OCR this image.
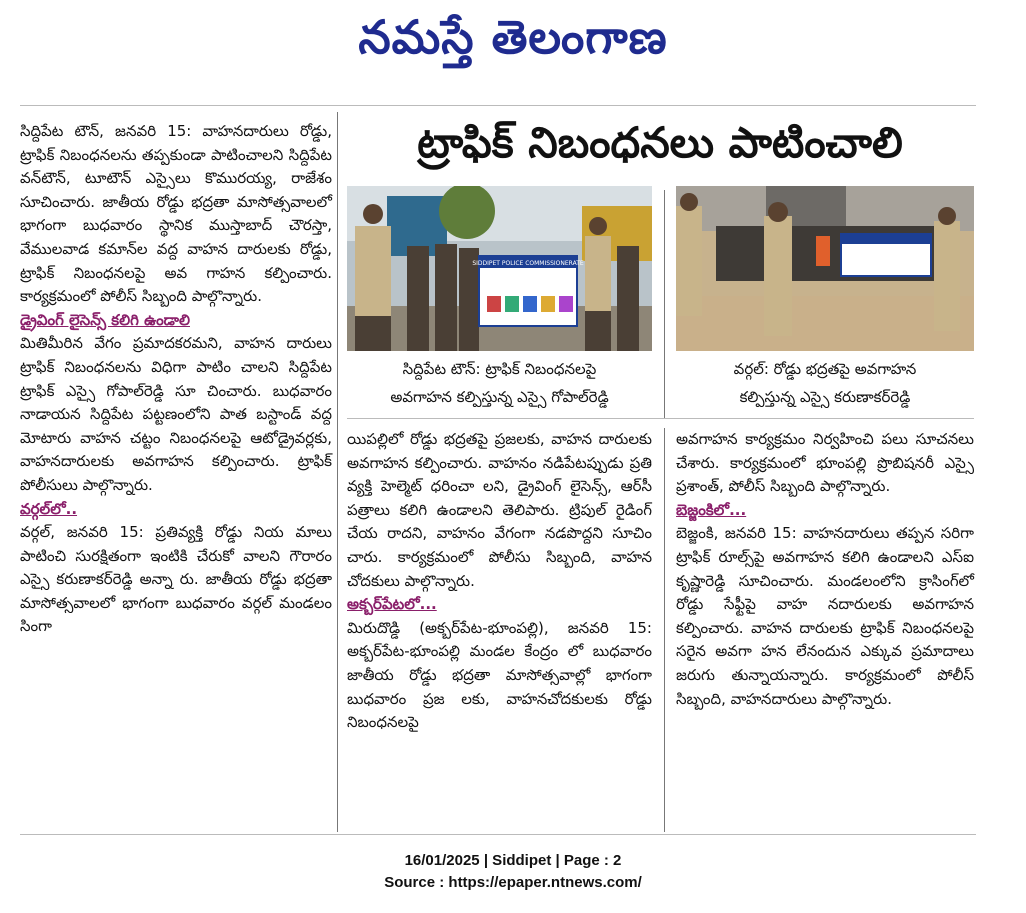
నమస్తే తెలంగాణ

సిద్దిపేట టౌన్, జనవరి 15: వాహనదారులు రోడ్డు, ట్రాఫిక్ నిబంధనలను తప్పకుండా పాటించాలని సిద్దిపేట వన్‌టౌన్, టూటౌన్ ఎస్సైలు కొమురయ్య, రాజేశం సూచించారు. జాతీయ రోడ్డు భద్రతా మాసోత్సవాలలో భాగంగా బుధవారం స్థానిక ముస్తాబాద్ చౌరస్తా, వేములవాడ కమాన్‌ల వద్ద వాహన దారులకు రోడ్డు, ట్రాఫిక్ నిబంధనలపై అవ గాహన కల్పించారు. కార్యక్రమంలో పోలీస్ సిబ్బంది పాల్గొన్నారు.

డ్రైవింగ్ లైసెన్స్ కలిగి ఉండాలి

మితిమీరిన వేగం ప్రమాదకరమని, వాహన దారులు ట్రాఫిక్ నిబంధనలను విధిగా పాటిం చాలని సిద్దిపేట ట్రాఫిక్ ఎస్సై గోపాల్‌రెడ్డి సూ చించారు. బుధవారం నాడాయన సిద్దిపేట పట్టణంలోని పాత బస్టాండ్ వద్ద మోటారు వాహన చట్టం నిబంధనలపై ఆటోడ్రైవర్లకు, వాహనదారులకు అవగాహన కల్పించారు. ట్రాఫిక్ పోలీసులు పాల్గొన్నారు.

వర్గల్‌లో..

వర్గల్, జనవరి 15: ప్రతివ్యక్తి రోడ్డు నియ మాలు పాటించి సురక్షితంగా ఇంటికి చేరుకో వాలని గౌరారం ఎస్సై కరుణాకర్‌రెడ్డి అన్నా రు. జాతీయ రోడ్డు భద్రతా మాసోత్సవాలలో భాగంగా బుధవారం వర్గల్ మండలం సింగా

ట్రాఫిక్ నిబంధనలు పాటించాలి
SIDDIPET POLICE COMMISSIONERATE
సిద్దిపేట టౌన్: ట్రాఫిక్ నిబంధనలపై
అవగాహన కల్పిస్తున్న ఎస్సై గోపాల్‌రెడ్డి
వర్గల్: రోడ్డు భద్రతపై అవగాహన
కల్పిస్తున్న ఎస్సై కరుణాకర్‌రెడ్డి

యిపల్లిలో రోడ్డు భద్రతపై ప్రజలకు, వాహన దారులకు అవగాహన కల్పించారు. వాహనం నడిపేటప్పుడు ప్రతి వ్యక్తి హెల్మెట్ ధరించా లని, డ్రైవింగ్ లైసెన్స్, ఆర్‌సీ పత్రాలు కలిగి ఉండాలని తెలిపారు. ట్రిపుల్ రైడింగ్ చేయ రాదని, వాహనం వేగంగా నడపొద్దని సూచిం చారు. కార్యక్రమంలో పోలీసు సిబ్బంది, వాహన చోదకులు పాల్గొన్నారు.

అక్బర్‌పేటలో...

మిరుదొడ్డి (అక్బర్‌పేట-భూంపల్లి), జనవరి 15: అక్బర్‌పేట-భూంపల్లి మండల కేంద్రం లో బుధవారం జాతీయ రోడ్డు భద్రతా మాసోత్సవాల్లో భాగంగా బుధవారం ప్రజ లకు, వాహనచోదకులకు రోడ్డు నిబంధనలపై

అవగాహన కార్యక్రమం నిర్వహించి పలు సూచనలు చేశారు. కార్యక్రమంలో భూంపల్లి ప్రొబిషనరీ ఎస్సై ప్రశాంత్, పోలీస్ సిబ్బంది పాల్గొన్నారు.

బెజ్జంకిలో...

బెజ్జంకి, జనవరి 15: వాహనదారులు తప్పన సరిగా ట్రాఫిక్ రూల్స్‌పై అవగాహన కలిగి ఉండాలని ఎస్‌ఐ కృష్ణారెడ్డి సూచించారు. మండలంలోని క్రాసింగ్‌లో రోడ్డు సేఫ్టీపై వాహ నదారులకు అవగాహన కల్పించారు. వాహన దారులకు ట్రాఫిక్ నిబంధనలపై సరైన అవగా హన లేనందున ఎక్కువ ప్రమాదాలు జరుగు తున్నాయన్నారు. కార్యక్రమంలో పోలీస్ సిబ్బంది, వాహనదారులు పాల్గొన్నారు.

16/01/2025 | Siddipet | Page : 2
Source : https://epaper.ntnews.com/
